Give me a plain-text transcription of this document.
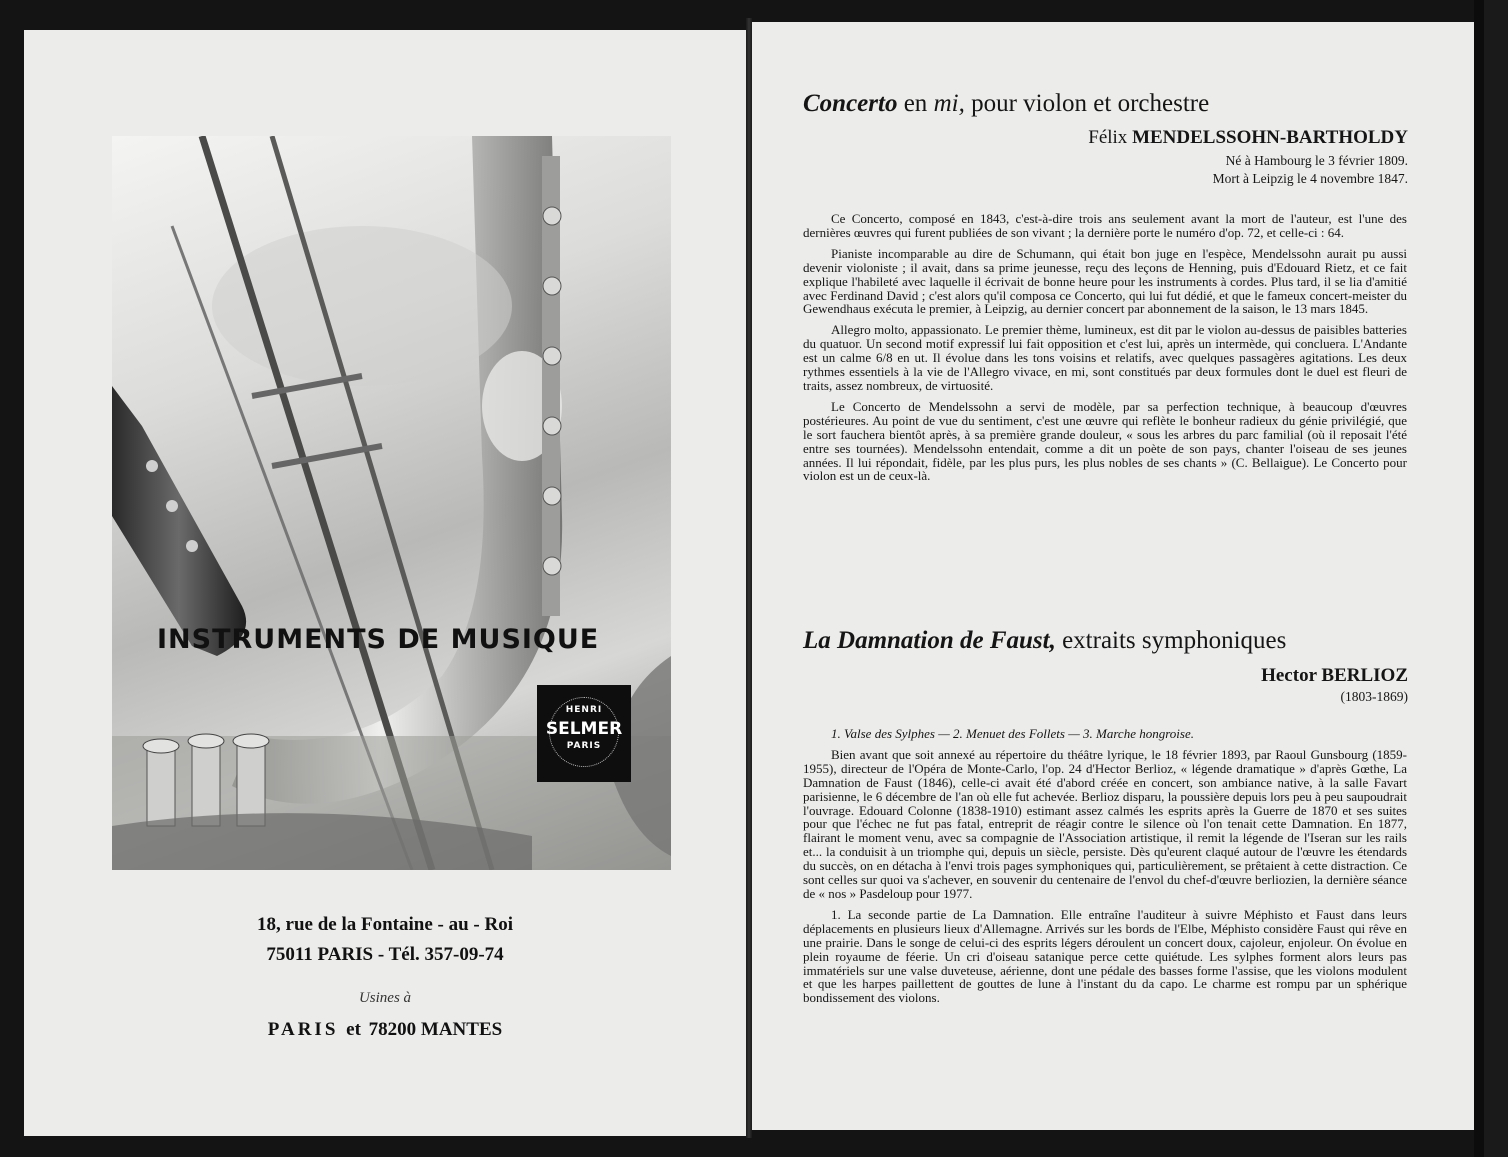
INSTRUMENTS DE MUSIQUE
HENRI
SELMER
PARIS
18, rue de la Fontaine - au - Roi
75011 PARIS - Tél. 357-09-74
Usines à
PARIS et 78200 MANTES
Concerto en mi, pour violon et orchestre
Félix MENDELSSOHN-BARTHOLDY
Né à Hambourg le 3 février 1809.
Mort à Leipzig le 4 novembre 1847.

Ce Concerto, composé en 1843, c'est-à-dire trois ans seulement avant la mort de l'auteur, est l'une des dernières œuvres qui furent publiées de son vivant ; la dernière porte le numéro d'op. 72, et celle-ci : 64.

Pianiste incomparable au dire de Schumann, qui était bon juge en l'espèce, Mendelssohn aurait pu aussi devenir violoniste ; il avait, dans sa prime jeunesse, reçu des leçons de Henning, puis d'Edouard Rietz, et ce fait explique l'habileté avec laquelle il écrivait de bonne heure pour les instruments à cordes. Plus tard, il se lia d'amitié avec Ferdinand David ; c'est alors qu'il composa ce Concerto, qui lui fut dédié, et que le fameux concert-meister du Gewendhaus exécuta le premier, à Leipzig, au dernier concert par abonnement de la saison, le 13 mars 1845.

Allegro molto, appassionato. Le premier thème, lumineux, est dit par le violon au-dessus de paisibles batteries du quatuor. Un second motif expressif lui fait opposition et c'est lui, après un intermède, qui concluera. L'Andante est un calme 6/8 en ut. Il évolue dans les tons voisins et relatifs, avec quelques passagères agitations. Les deux rythmes essentiels à la vie de l'Allegro vivace, en mi, sont constitués par deux formules dont le duel est fleuri de traits, assez nombreux, de virtuosité.

Le Concerto de Mendelssohn a servi de modèle, par sa perfection technique, à beaucoup d'œuvres postérieures. Au point de vue du sentiment, c'est une œuvre qui reflète le bonheur radieux du génie privilégié, que le sort fauchera bientôt après, à sa première grande douleur, « sous les arbres du parc familial (où il reposait l'été entre ses tournées). Mendelssohn entendait, comme a dit un poète de son pays, chanter l'oiseau de ses jeunes années. Il lui répondait, fidèle, par les plus purs, les plus nobles de ses chants » (C. Bellaigue). Le Concerto pour violon est un de ceux-là.

La Damnation de Faust, extraits symphoniques
Hector BERLIOZ
(1803-1869)

1. Valse des Sylphes — 2. Menuet des Follets — 3. Marche hongroise.

Bien avant que soit annexé au répertoire du théâtre lyrique, le 18 février 1893, par Raoul Gunsbourg (1859-1955), directeur de l'Opéra de Monte-Carlo, l'op. 24 d'Hector Berlioz, « légende dramatique » d'après Gœthe, La Damnation de Faust (1846), celle-ci avait été d'abord créée en concert, son ambiance native, à la salle Favart parisienne, le 6 décembre de l'an où elle fut achevée. Berlioz disparu, la poussière depuis lors peu à peu saupoudrait l'ouvrage. Edouard Colonne (1838-1910) estimant assez calmés les esprits après la Guerre de 1870 et ses suites pour que l'échec ne fut pas fatal, entreprit de réagir contre le silence où l'on tenait cette Damnation. En 1877, flairant le moment venu, avec sa compagnie de l'Association artistique, il remit la légende de l'Iseran sur les rails et... la conduisit à un triomphe qui, depuis un siècle, persiste. Dès qu'eurent claqué autour de l'œuvre les étendards du succès, on en détacha à l'envi trois pages symphoniques qui, particulièrement, se prêtaient à cette distraction. Ce sont celles sur quoi va s'achever, en souvenir du centenaire de l'envol du chef-d'œuvre berliozien, la dernière séance de « nos » Pasdeloup pour 1977.

1. La seconde partie de La Damnation. Elle entraîne l'auditeur à suivre Méphisto et Faust dans leurs déplacements en plusieurs lieux d'Allemagne. Arrivés sur les bords de l'Elbe, Méphisto considère Faust qui rêve en une prairie. Dans le songe de celui-ci des esprits légers déroulent un concert doux, cajoleur, enjoleur. On évolue en plein royaume de féerie. Un cri d'oiseau satanique perce cette quiétude. Les sylphes forment alors leurs pas immatériels sur une valse duveteuse, aérienne, dont une pédale des basses forme l'assise, que les violons modulent et que les harpes paillettent de gouttes de lune à l'instant du da capo. Le charme est rompu par un sphérique bondissement des violons.
